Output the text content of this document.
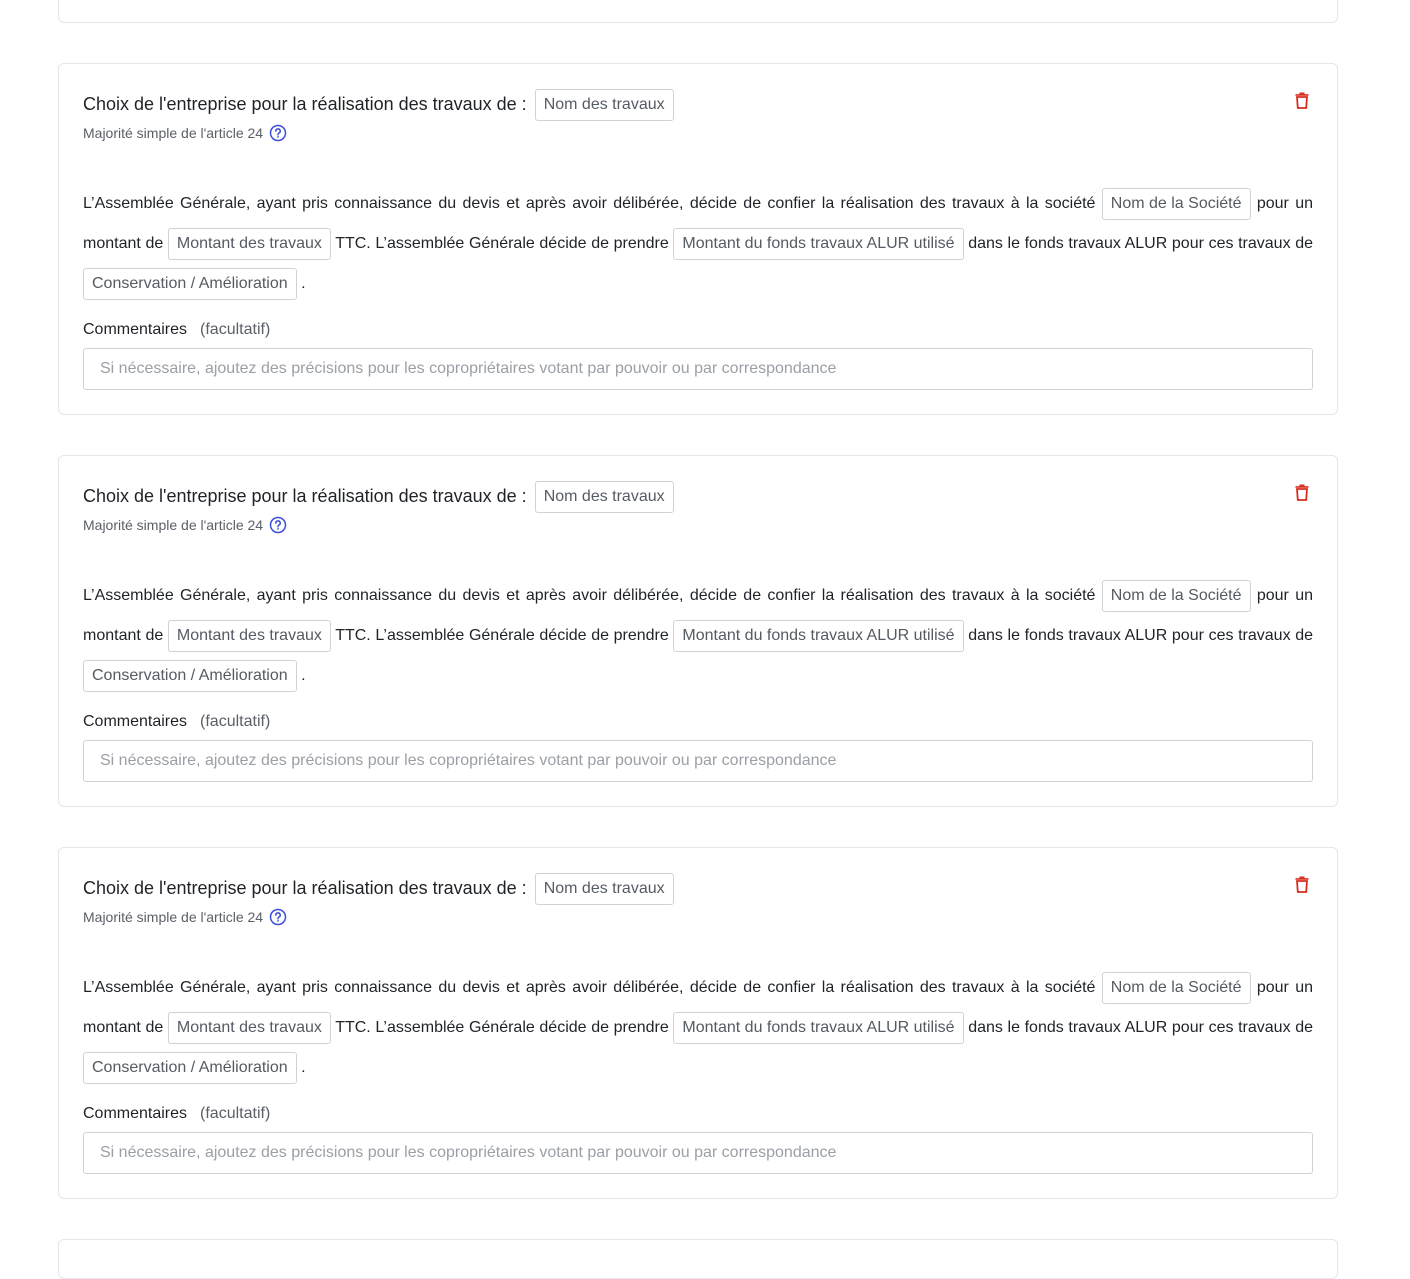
Choix de l'entreprise pour la réalisation des travaux de :	Nom des travaux
Majorité simple de l'article 24
L’Assemblée Générale, ayant pris connaissance du devis et après avoir délibérée, décide de confier la réalisation des travaux à la société Nom de la Société pour un montant de Montant des travaux TTC. L’assemblée Générale décide de prendre Montant du fonds travaux ALUR utilisé dans le fonds travaux ALUR pour ces travaux de Conservation / Amélioration .
Commentaires (facultatif)
Si nécessaire, ajoutez des précisions pour les copropriétaires votant par pouvoir ou par correspondance
Choix de l'entreprise pour la réalisation des travaux de :	Nom des travaux
Majorité simple de l'article 24
L’Assemblée Générale, ayant pris connaissance du devis et après avoir délibérée, décide de confier la réalisation des travaux à la société Nom de la Société pour un montant de Montant des travaux TTC. L’assemblée Générale décide de prendre Montant du fonds travaux ALUR utilisé dans le fonds travaux ALUR pour ces travaux de Conservation / Amélioration .
Commentaires (facultatif)
Si nécessaire, ajoutez des précisions pour les copropriétaires votant par pouvoir ou par correspondance
Choix de l'entreprise pour la réalisation des travaux de :	Nom des travaux
Majorité simple de l'article 24
L’Assemblée Générale, ayant pris connaissance du devis et après avoir délibérée, décide de confier la réalisation des travaux à la société Nom de la Société pour un montant de Montant des travaux TTC. L’assemblée Générale décide de prendre Montant du fonds travaux ALUR utilisé dans le fonds travaux ALUR pour ces travaux de Conservation / Amélioration .
Commentaires (facultatif)
Si nécessaire, ajoutez des précisions pour les copropriétaires votant par pouvoir ou par correspondance
